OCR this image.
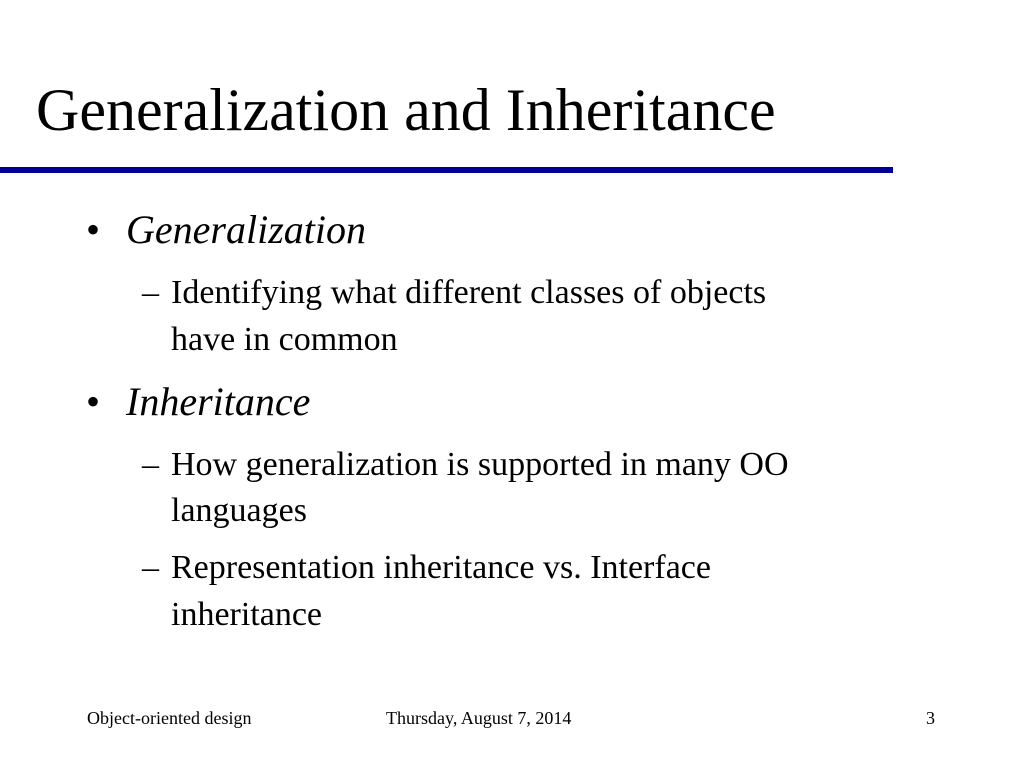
Generalization and Inheritance
• Generalization
– Identifying what different classes of objects
have in common
• Inheritance
– How generalization is supported in many OO
languages
– Representation inheritance vs. Interface
inheritance
Object-oriented design	Thursday, August 7, 2014	3
